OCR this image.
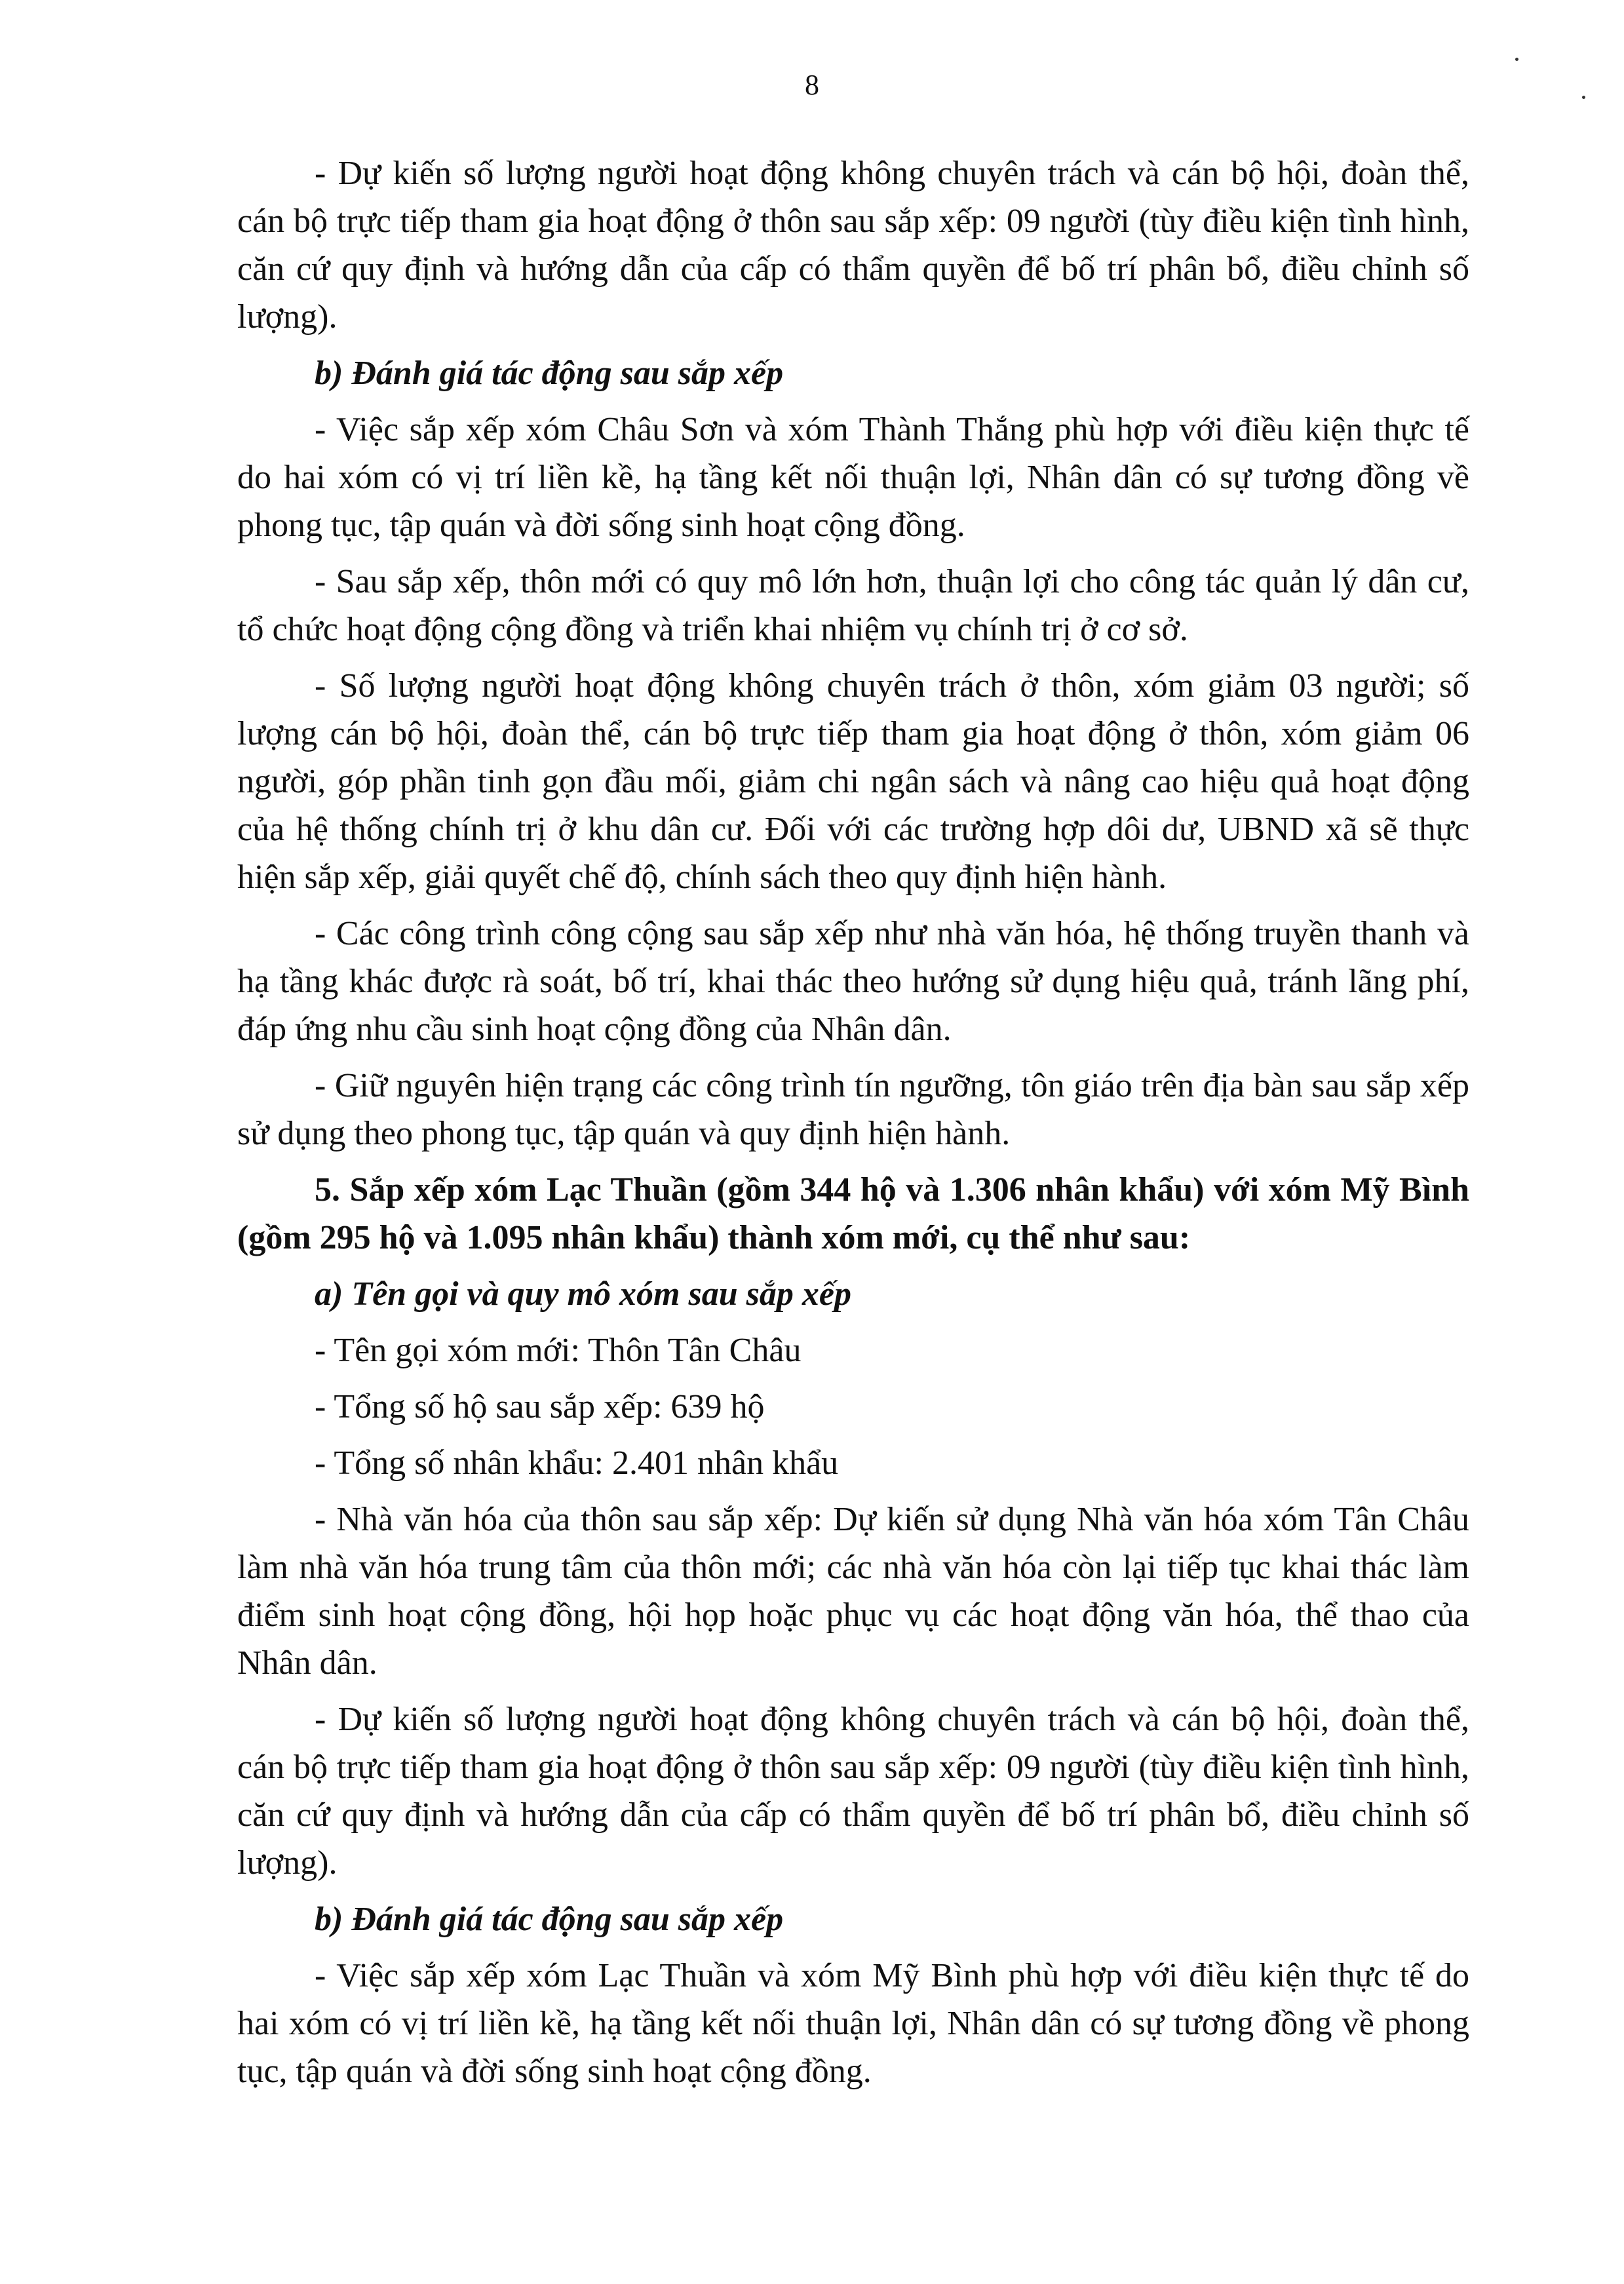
8

- Dự kiến số lượng người hoạt động không chuyên trách và cán bộ hội, đoàn thể, cán bộ trực tiếp tham gia hoạt động ở thôn sau sắp xếp: 09 người (tùy điều kiện tình hình, căn cứ quy định và hướng dẫn của cấp có thẩm quyền để bố trí phân bổ, điều chỉnh số lượng).

b) Đánh giá tác động sau sắp xếp

- Việc sắp xếp xóm Châu Sơn và xóm Thành Thắng phù hợp với điều kiện thực tế do hai xóm có vị trí liền kề, hạ tầng kết nối thuận lợi, Nhân dân có sự tương đồng về phong tục, tập quán và đời sống sinh hoạt cộng đồng.

- Sau sắp xếp, thôn mới có quy mô lớn hơn, thuận lợi cho công tác quản lý dân cư, tổ chức hoạt động cộng đồng và triển khai nhiệm vụ chính trị ở cơ sở.

- Số lượng người hoạt động không chuyên trách ở thôn, xóm giảm 03 người; số lượng cán bộ hội, đoàn thể, cán bộ trực tiếp tham gia hoạt động ở thôn, xóm giảm 06 người, góp phần tinh gọn đầu mối, giảm chi ngân sách và nâng cao hiệu quả hoạt động của hệ thống chính trị ở khu dân cư. Đối với các trường hợp dôi dư, UBND xã sẽ thực hiện sắp xếp, giải quyết chế độ, chính sách theo quy định hiện hành.

- Các công trình công cộng sau sắp xếp như nhà văn hóa, hệ thống truyền thanh và hạ tầng khác được rà soát, bố trí, khai thác theo hướng sử dụng hiệu quả, tránh lãng phí, đáp ứng nhu cầu sinh hoạt cộng đồng của Nhân dân.

- Giữ nguyên hiện trạng các công trình tín ngưỡng, tôn giáo trên địa bàn sau sắp xếp sử dụng theo phong tục, tập quán và quy định hiện hành.

5. Sắp xếp xóm Lạc Thuần (gồm 344 hộ và 1.306 nhân khẩu) với xóm Mỹ Bình (gồm 295 hộ và 1.095 nhân khẩu) thành xóm mới, cụ thể như sau:

a) Tên gọi và quy mô xóm sau sắp xếp

- Tên gọi xóm mới: Thôn Tân Châu

- Tổng số hộ sau sắp xếp: 639 hộ

- Tổng số nhân khẩu: 2.401 nhân khẩu

- Nhà văn hóa của thôn sau sắp xếp: Dự kiến sử dụng Nhà văn hóa xóm Tân Châu làm nhà văn hóa trung tâm của thôn mới; các nhà văn hóa còn lại tiếp tục khai thác làm điểm sinh hoạt cộng đồng, hội họp hoặc phục vụ các hoạt động văn hóa, thể thao của Nhân dân.

- Dự kiến số lượng người hoạt động không chuyên trách và cán bộ hội, đoàn thể, cán bộ trực tiếp tham gia hoạt động ở thôn sau sắp xếp: 09 người (tùy điều kiện tình hình, căn cứ quy định và hướng dẫn của cấp có thẩm quyền để bố trí phân bổ, điều chỉnh số lượng).

b) Đánh giá tác động sau sắp xếp

- Việc sắp xếp xóm Lạc Thuần và xóm Mỹ Bình phù hợp với điều kiện thực tế do hai xóm có vị trí liền kề, hạ tầng kết nối thuận lợi, Nhân dân có sự tương đồng về phong tục, tập quán và đời sống sinh hoạt cộng đồng.
